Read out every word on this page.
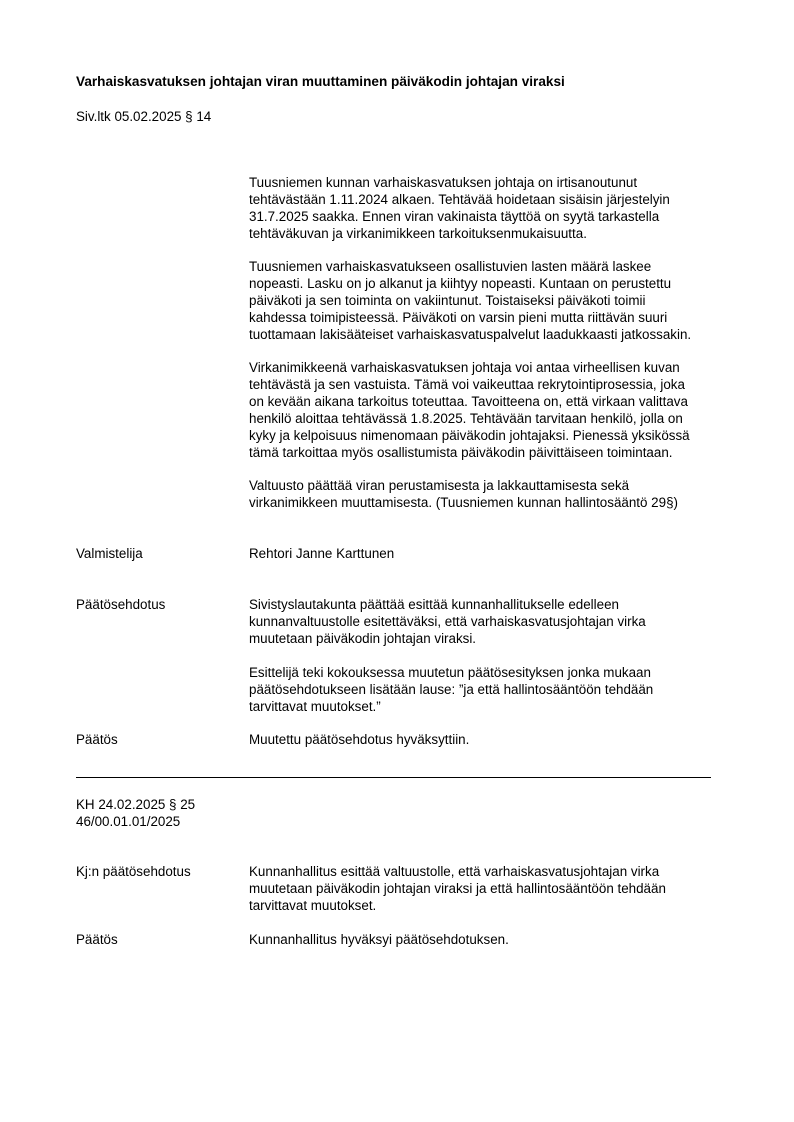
Varhaiskasvatuksen johtajan viran muuttaminen päiväkodin johtajan viraksi
Siv.ltk 05.02.2025 § 14

Tuusniemen kunnan varhaiskasvatuksen johtaja on irtisanoutunut
tehtävästään 1.11.2024 alkaen. Tehtävää hoidetaan sisäisin järjestelyin
31.7.2025 saakka. Ennen viran vakinaista täyttöä on syytä tarkastella
tehtäväkuvan ja virkanimikkeen tarkoituksenmukaisuutta.

Tuusniemen varhaiskasvatukseen osallistuvien lasten määrä laskee
nopeasti. Lasku on jo alkanut ja kiihtyy nopeasti. Kuntaan on perustettu
päiväkoti ja sen toiminta on vakiintunut. Toistaiseksi päiväkoti toimii
kahdessa toimipisteessä. Päiväkoti on varsin pieni mutta riittävän suuri
tuottamaan lakisääteiset varhaiskasvatuspalvelut laadukkaasti jatkossakin.

Virkanimikkeenä varhaiskasvatuksen johtaja voi antaa virheellisen kuvan
tehtävästä ja sen vastuista. Tämä voi vaikeuttaa rekrytointiprosessia, joka
on kevään aikana tarkoitus toteuttaa. Tavoitteena on, että virkaan valittava
henkilö aloittaa tehtävässä 1.8.2025. Tehtävään tarvitaan henkilö, jolla on
kyky ja kelpoisuus nimenomaan päiväkodin johtajaksi. Pienessä yksikössä
tämä tarkoittaa myös osallistumista päiväkodin päivittäiseen toimintaan.

Valtuusto päättää viran perustamisesta ja lakkauttamisesta sekä
virkanimikkeen muuttamisesta. (Tuusniemen kunnan hallintosääntö 29§)

Valmistelija	Rehtori Janne Karttunen
Päätösehdotus	Sivistyslautakunta päättää esittää kunnanhallitukselle edelleen
kunnanvaltuustolle esitettäväksi, että varhaiskasvatusjohtajan virka
muutetaan päiväkodin johtajan viraksi.

Esittelijä teki kokouksessa muutetun päätösesityksen jonka mukaan
päätösehdotukseen lisätään lause: ”ja että hallintosääntöön tehdään
tarvittavat muutokset.”

Päätös	Muutettu päätösehdotus hyväksyttiin.
KH 24.02.2025 § 25
46/00.01.01/2025
Kj:n päätösehdotus	Kunnanhallitus esittää valtuustolle, että varhaiskasvatusjohtajan virka
muutetaan päiväkodin johtajan viraksi ja että hallintosääntöön tehdään
tarvittavat muutokset.

Päätös	Kunnanhallitus hyväksyi päätösehdotuksen.
